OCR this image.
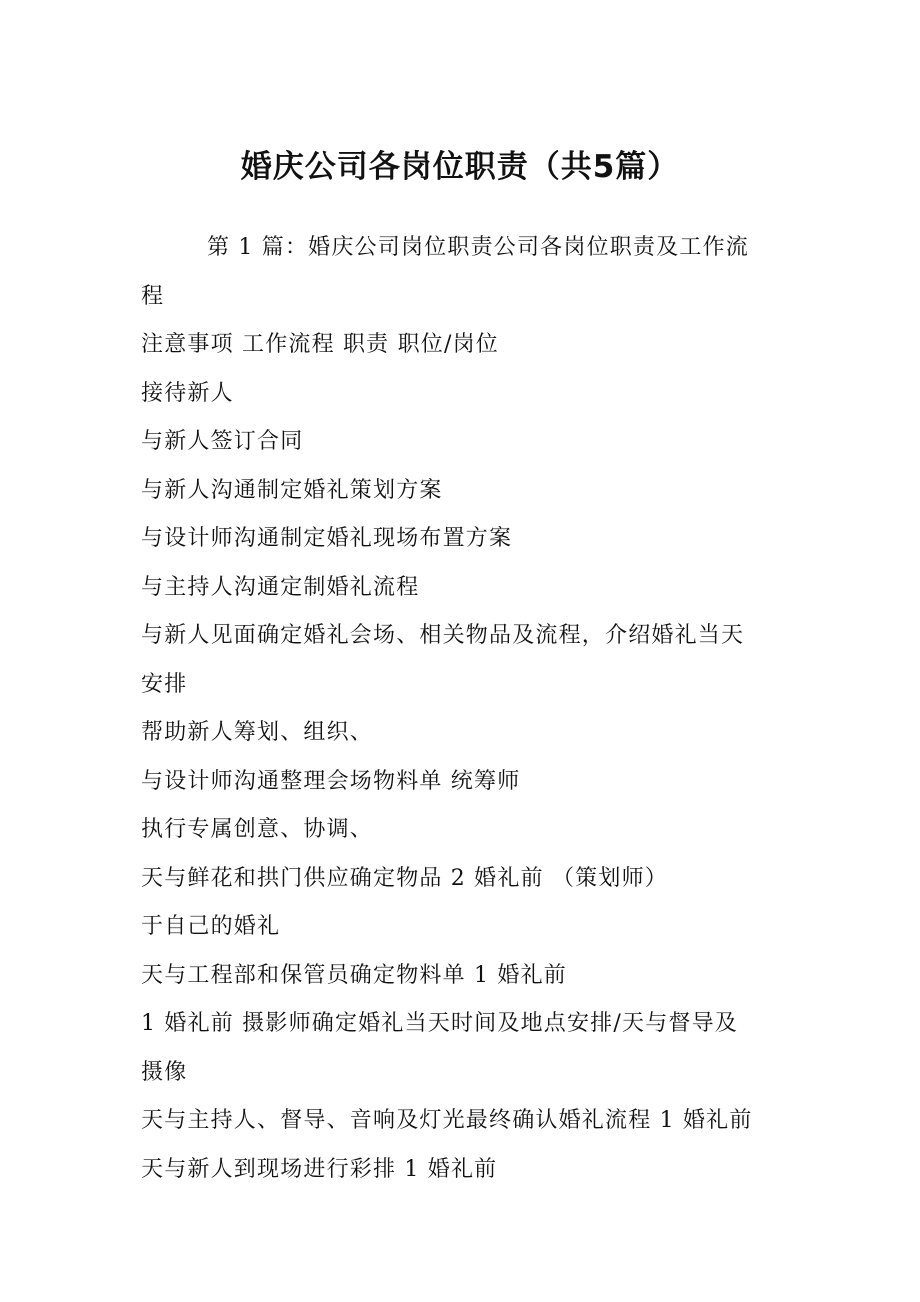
婚庆公司各岗位职责（共5篇）
第 1 篇：婚庆公司岗位职责公司各岗位职责及工作流
程
注意事项 工作流程 职责 职位/岗位
接待新人
与新人签订合同
与新人沟通制定婚礼策划方案
与设计师沟通制定婚礼现场布置方案
与主持人沟通定制婚礼流程
与新人见面确定婚礼会场、相关物品及流程，介绍婚礼当天
安排
帮助新人筹划、组织、
与设计师沟通整理会场物料单 统筹师
执行专属创意、协调、
天与鲜花和拱门供应确定物品 2 婚礼前 （策划师）
于自己的婚礼
天与工程部和保管员确定物料单 1 婚礼前
1 婚礼前 摄影师确定婚礼当天时间及地点安排/天与督导及
摄像
天与主持人、督导、音响及灯光最终确认婚礼流程 1 婚礼前
天与新人到现场进行彩排 1 婚礼前
